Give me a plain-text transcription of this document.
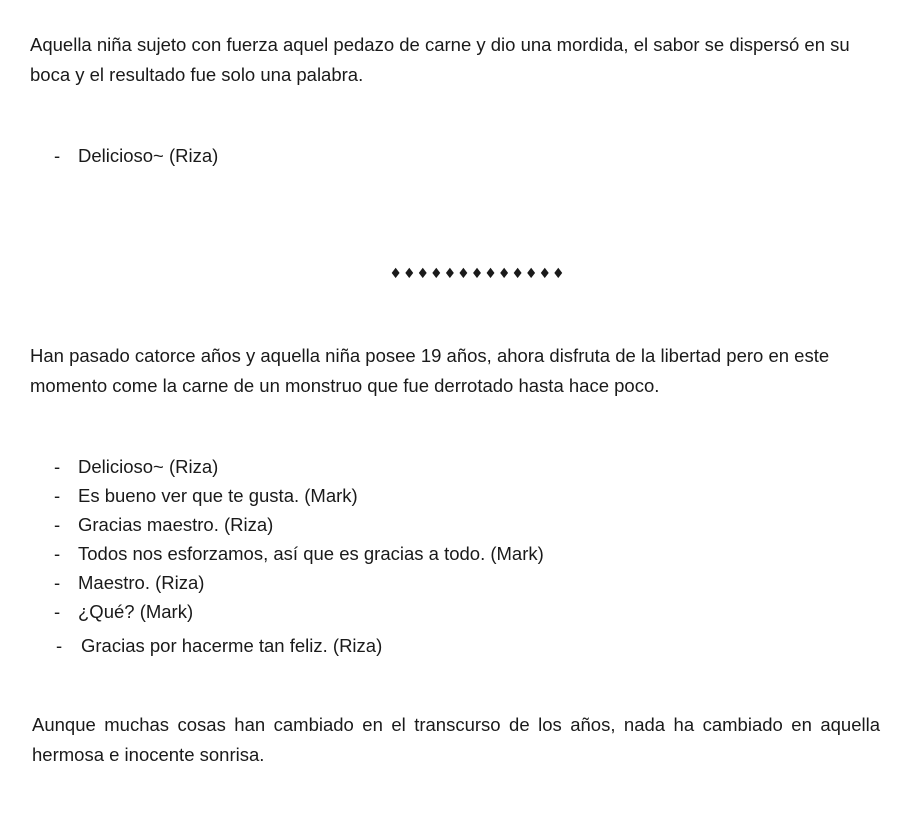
Aquella niña sujeto con fuerza aquel pedazo de carne y dio una mordida, el sabor se dispersó en su boca y el resultado fue solo una palabra.

- Delicioso~ (Riza)
♦♦♦♦♦♦♦♦♦♦♦♦♦

Han pasado catorce años y aquella niña posee 19 años, ahora disfruta de la libertad pero en este momento come la carne de un monstruo que fue derrotado hasta hace poco.

- Delicioso~ (Riza)
- Es bueno ver que te gusta. (Mark)
- Gracias maestro. (Riza)
- Todos nos esforzamos, así que es gracias a todo. (Mark)
- Maestro. (Riza)
- ¿Qué? (Mark)
- Gracias por hacerme tan feliz. (Riza)

Aunque muchas cosas han cambiado en el transcurso de los años, nada ha cambiado en aquella hermosa e inocente sonrisa.
